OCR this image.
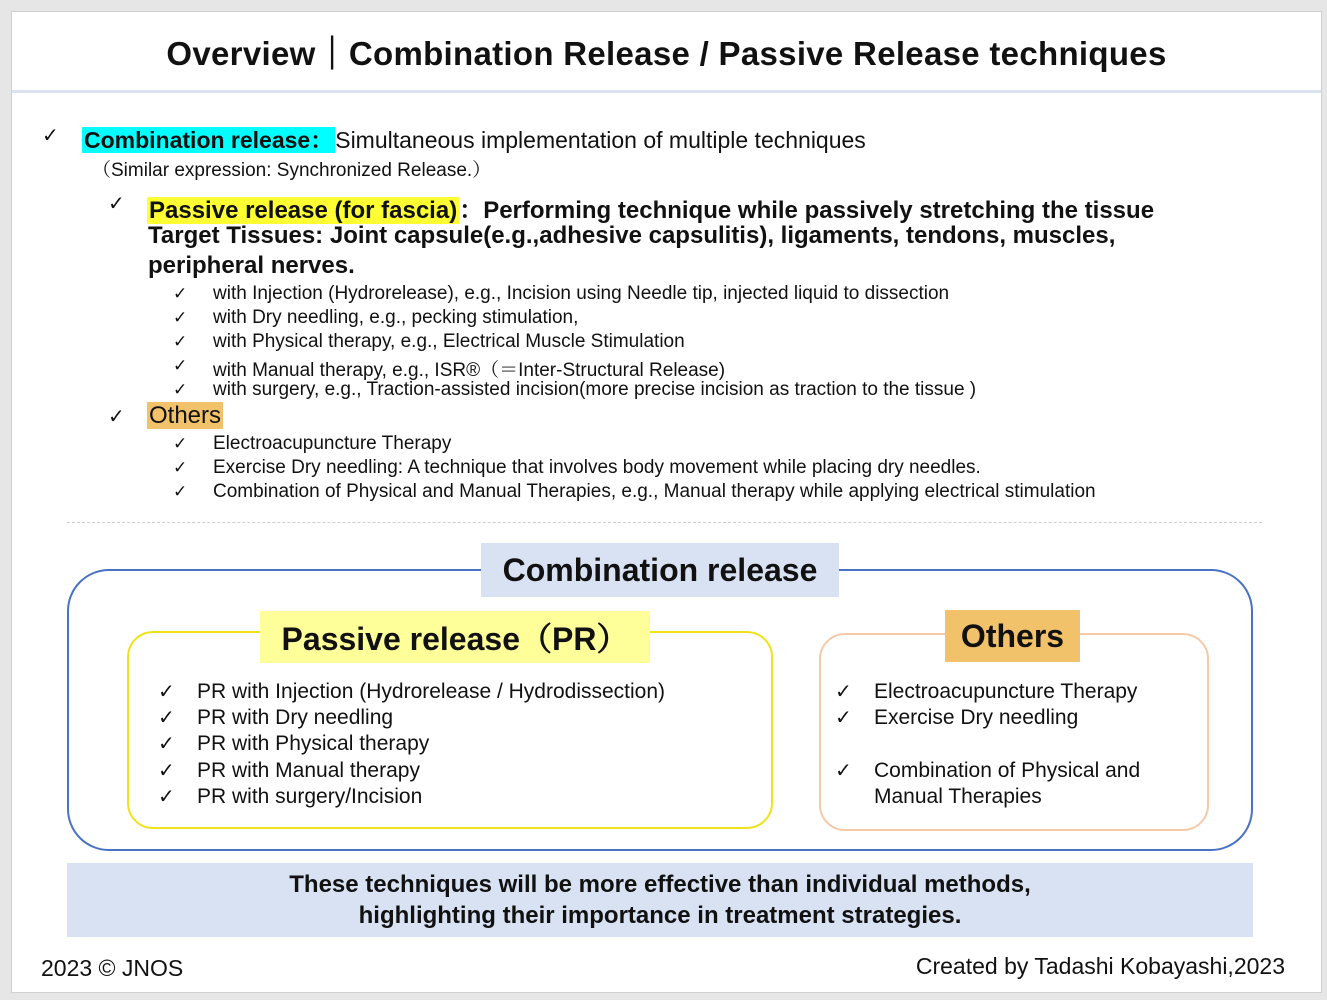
Overview｜Combination Release / Passive Release techniques
✓ Combination release：Simultaneous implementation of multiple techniques
（Similar expression: Synchronized Release.）
✓ Passive release (for fascia)：Performing technique while passively stretching the tissue
Target Tissues: Joint capsule(e.g.,adhesive capsulitis), ligaments, tendons, muscles,
peripheral nerves.
✓ with Injection (Hydrorelease), e.g., Incision using Needle tip, injected liquid to dissection
✓ with Dry needling, e.g., pecking stimulation,
✓ with Physical therapy, e.g., Electrical Muscle Stimulation
✓ with Manual therapy, e.g., ISR®（＝Inter-Structural Release)
✓ with surgery, e.g., Traction-assisted incision(more precise incision as traction to the tissue )
✓ Others
✓ Electroacupuncture Therapy
✓ Exercise Dry needling: A technique that involves body movement while placing dry needles.
✓ Combination of Physical and Manual Therapies, e.g., Manual therapy while applying electrical stimulation
Combination release
Passive release（PR）
✓ PR with Injection (Hydrorelease / Hydrodissection)
✓ PR with Dry needling
✓ PR with Physical therapy
✓ PR with Manual therapy
✓ PR with surgery/Incision
Others
✓ Electroacupuncture Therapy
✓ Exercise Dry needling
✓ Combination of Physical and
Manual Therapies
These techniques will be more effective than individual methods,
highlighting their importance in treatment strategies.
2023 © JNOS	Created by Tadashi Kobayashi,2023
